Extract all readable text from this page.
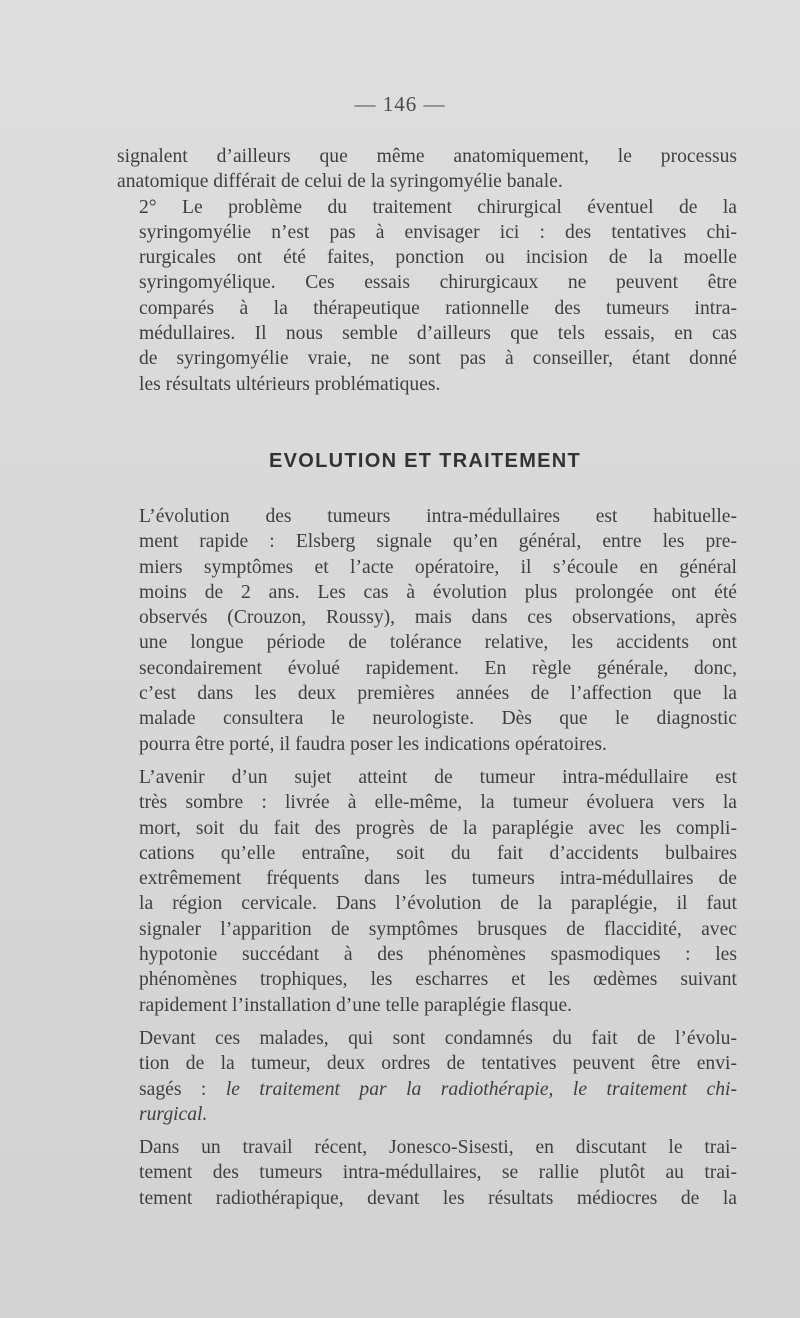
— 146 —

signalent d’ailleurs que même anatomiquement, le processus
anatomique différait de celui de la syringomyélie banale.

2° Le problème du traitement chirurgical éventuel de la
syringomyélie n’est pas à envisager ici : des tentatives chi-
rurgicales ont été faites, ponction ou incision de la moelle
syringomyélique. Ces essais chirurgicaux ne peuvent être
comparés à la thérapeutique rationnelle des tumeurs intra-
médullaires. Il nous semble d’ailleurs que tels essais, en cas
de syringomyélie vraie, ne sont pas à conseiller, étant donné
les résultats ultérieurs problématiques.

EVOLUTION ET TRAITEMENT

L’évolution des tumeurs intra-médullaires est habituelle-
ment rapide : Elsberg signale qu’en général, entre les pre-
miers symptômes et l’acte opératoire, il s’écoule en général
moins de 2 ans. Les cas à évolution plus prolongée ont été
observés (Crouzon, Roussy), mais dans ces observations, après
une longue période de tolérance relative, les accidents ont
secondairement évolué rapidement. En règle générale, donc,
c’est dans les deux premières années de l’affection que la
malade consultera le neurologiste. Dès que le diagnostic
pourra être porté, il faudra poser les indications opératoires.

L’avenir d’un sujet atteint de tumeur intra-médullaire est
très sombre : livrée à elle-même, la tumeur évoluera vers la
mort, soit du fait des progrès de la paraplégie avec les compli-
cations qu’elle entraîne, soit du fait d’accidents bulbaires
extrêmement fréquents dans les tumeurs intra-médullaires de
la région cervicale. Dans l’évolution de la paraplégie, il faut
signaler l’apparition de symptômes brusques de flaccidité, avec
hypotonie succédant à des phénomènes spasmodiques : les
phénomènes trophiques, les escharres et les œdèmes suivant
rapidement l’installation d’une telle paraplégie flasque.

Devant ces malades, qui sont condamnés du fait de l’évolu-
tion de la tumeur, deux ordres de tentatives peuvent être envi-
sagés : le traitement par la radiothérapie, le traitement chi-
rurgical.

Dans un travail récent, Jonesco-Sisesti, en discutant le trai-
tement des tumeurs intra-médullaires, se rallie plutôt au trai-
tement radiothérapique, devant les résultats médiocres de la
